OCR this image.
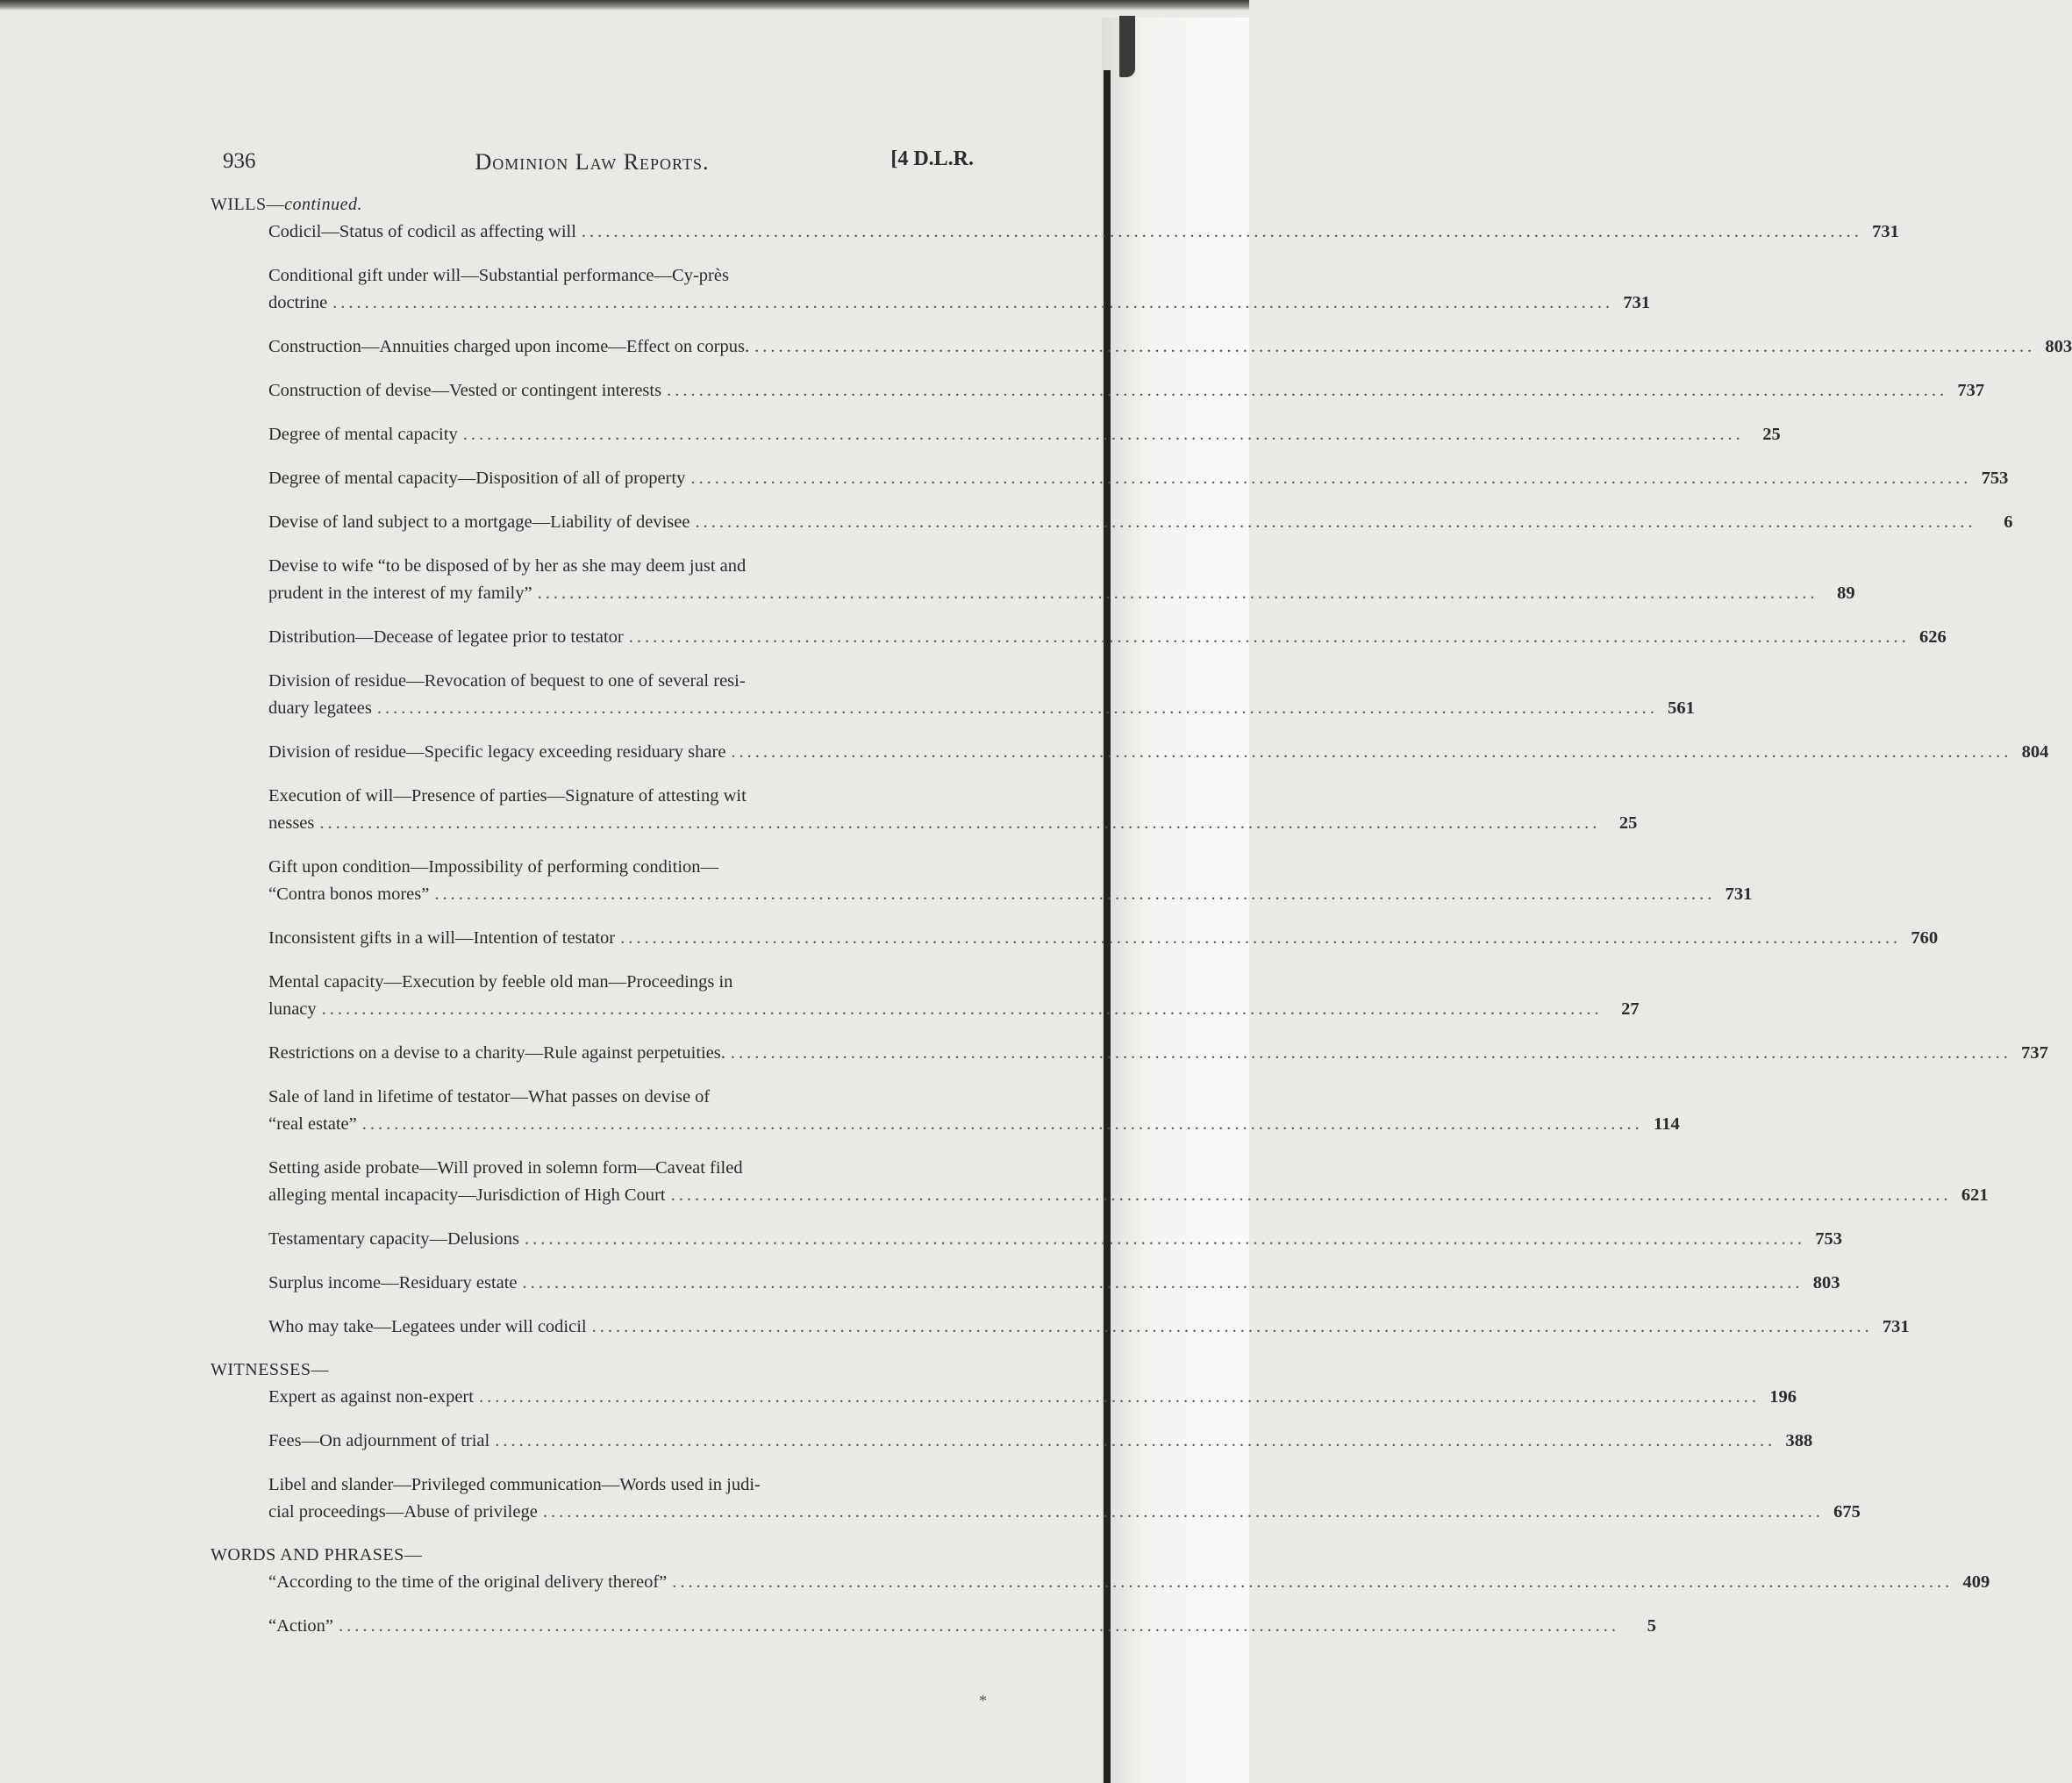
936	Dominion Law Reports.	[4 D.L.R.
WILLS—continued.
Codicil—Status of codicil as affecting will ................................................................................................................................................................ 731
Conditional gift under will—Substantial performance—Cy-près
doctrine ................................................................................................................................................................ 731
Construction—Annuities charged upon income—Effect on corpus. ................................................................................................................................................................ 803
Construction of devise—Vested or contingent interests ................................................................................................................................................................ 737
Degree of mental capacity ................................................................................................................................................................	25
Degree of mental capacity—Disposition of all of property ................................................................................................................................................................ 753
Devise of land subject to a mortgage—Liability of devisee ................................................................................................................................................................	6
Devise to wife “to be disposed of by her as she may deem just and
prudent in the interest of my family” ................................................................................................................................................................	89
Distribution—Decease of legatee prior to testator ................................................................................................................................................................ 626
Division of residue—Revocation of bequest to one of several resi-
duary legatees ................................................................................................................................................................ 561
Division of residue—Specific legacy exceeding residuary share ................................................................................................................................................................ 804
Execution of will—Presence of parties—Signature of attesting wit
nesses ................................................................................................................................................................	25
Gift upon condition—Impossibility of performing condition—
“Contra bonos mores” ................................................................................................................................................................ 731
Inconsistent gifts in a will—Intention of testator ................................................................................................................................................................ 760
Mental capacity—Execution by feeble old man—Proceedings in
lunacy ................................................................................................................................................................	27
Restrictions on a devise to a charity—Rule against perpetuities. ................................................................................................................................................................ 737
Sale of land in lifetime of testator—What passes on devise of
“real estate” ................................................................................................................................................................ 114
Setting aside probate—Will proved in solemn form—Caveat filed
alleging mental incapacity—Jurisdiction of High Court ................................................................................................................................................................ 621
Testamentary capacity—Delusions ................................................................................................................................................................ 753
Surplus income—Residuary estate ................................................................................................................................................................ 803
Who may take—Legatees under will codicil ................................................................................................................................................................ 731
WITNESSES—
Expert as against non-expert ................................................................................................................................................................ 196
Fees—On adjournment of trial ................................................................................................................................................................ 388
Libel and slander—Privileged communication—Words used in judi-
cial proceedings—Abuse of privilege ................................................................................................................................................................ 675
WORDS AND PHRASES—
“According to the time of the original delivery thereof” ................................................................................................................................................................ 409
“Action” ................................................................................................................................................................	5
*
